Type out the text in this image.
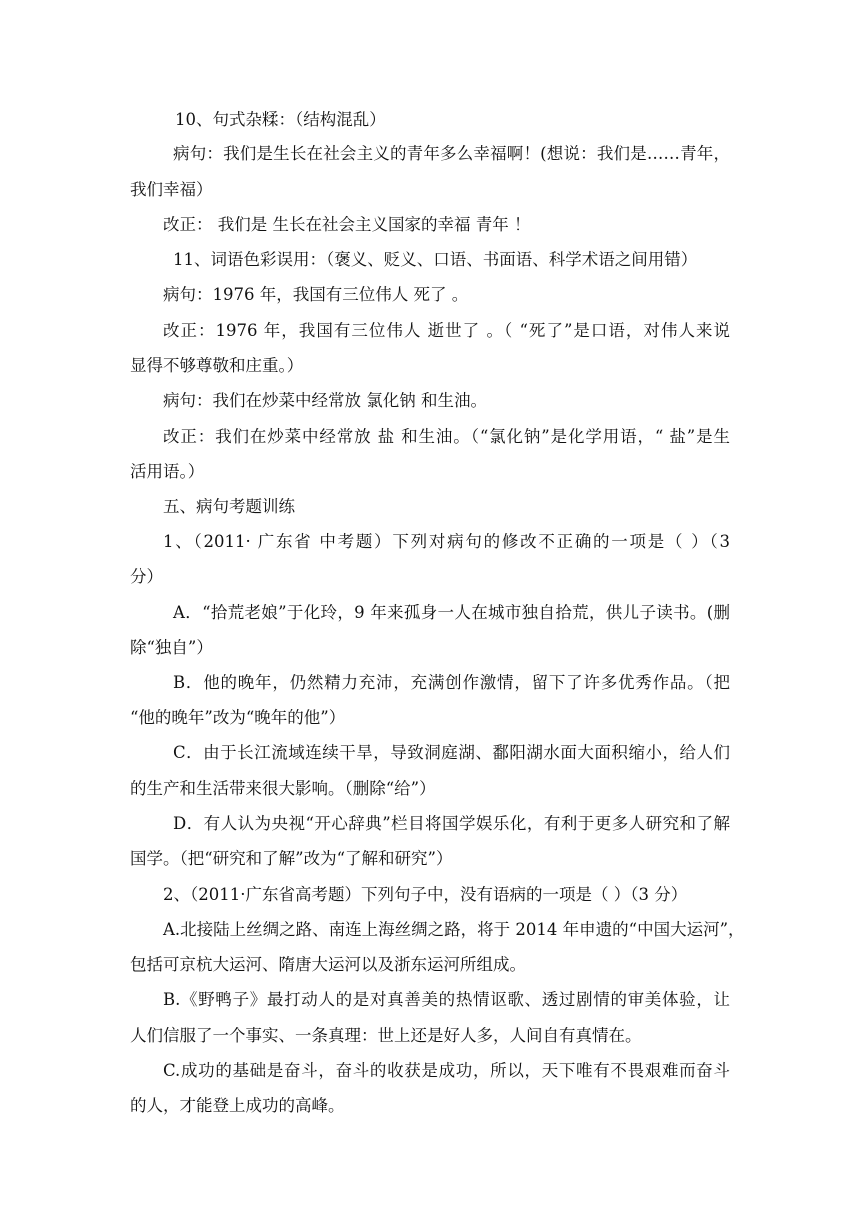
10、句式杂糅：（结构混乱）
病句：我们是生长在社会主义的青年多么幸福啊！(想说：我们是……青年，
我们幸福）
改正： 我们是 生长在社会主义国家的幸福 青年 ！
11、词语色彩误用：（褒义、贬义、口语、书面语、科学术语之间用错）
病句：1976 年，我国有三位伟人 死了 。
改正：1976 年，我国有三位伟人 逝世了 。（ “死了”是口语，对伟人来说
显得不够尊敬和庄重。）
病句：我们在炒菜中经常放 氯化钠 和生油。
改正：我们在炒菜中经常放 盐 和生油。（“氯化钠”是化学用语，“ 盐”是生
活用语。）
五、病句考题训练
1、（2011· 广东省 中考题）下列对病句的修改不正确的一项是（ ）（3
分）
A．“拾荒老娘”于化玲，9 年来孤身一人在城市独自拾荒，供儿子读书。(删
除“独自”）
B．他的晚年，仍然精力充沛，充满创作激情，留下了许多优秀作品。（把
“他的晚年”改为“晚年的他”）
C．由于长江流域连续干旱，导致洞庭湖、鄱阳湖水面大面积缩小，给人们
的生产和生活带来很大影响。（删除“给”）
D．有人认为央视“开心辞典”栏目将国学娱乐化，有利于更多人研究和了解
国学。（把“研究和了解”改为“了解和研究”）
2、（2011·广东省高考题）下列句子中，没有语病的一项是（ ）（3 分）
A.北接陆上丝绸之路、南连上海丝绸之路，将于 2014 年申遗的“中国大运河”，
包括可京杭大运河、隋唐大运河以及浙东运河所组成。
B.《野鸭子》最打动人的是对真善美的热情讴歌、透过剧情的审美体验，让
人们信服了一个事实、一条真理：世上还是好人多，人间自有真情在。
C.成功的基础是奋斗，奋斗的收获是成功，所以，天下唯有不畏艰难而奋斗
的人，才能登上成功的高峰。
